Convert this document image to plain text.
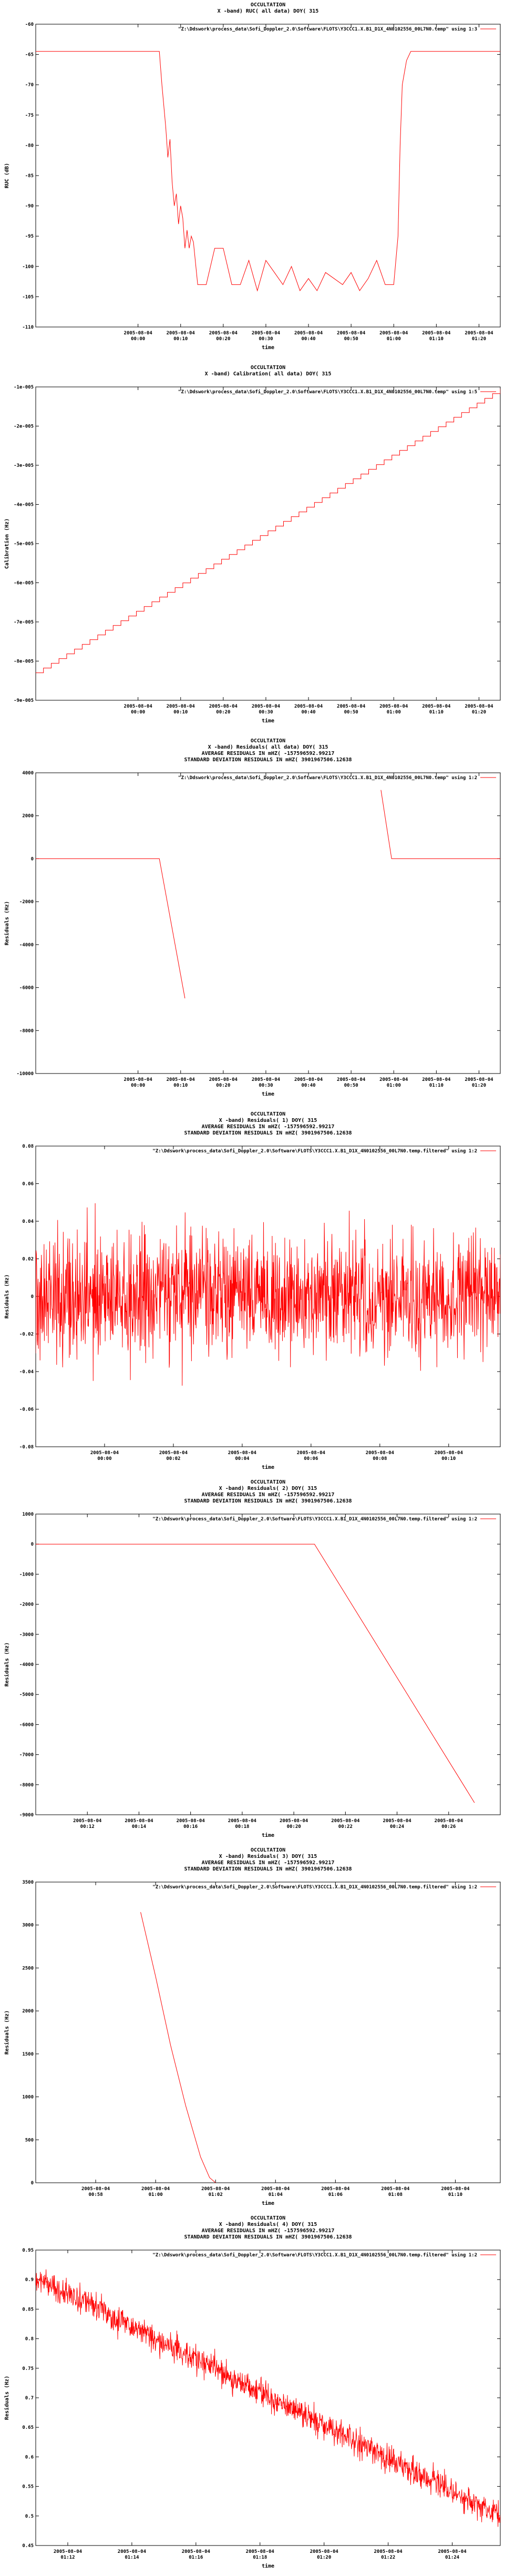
OCCULTATION
X -band) RUC( all data) DOY( 315
-60
-65
-70
-75
-80
-85
-90
-95
-100
-105
-110
2005-08-04 00:00
2005-08-04 00:10
2005-08-04 00:20
2005-08-04 00:30
2005-08-04 00:40
2005-08-04 00:50
2005-08-04 01:00
2005-08-04 01:10
2005-08-04 01:20
time
RUC (dB)
"Z:\Ddswork\process_data\Sofi_Doppler_2.0\Software\FLOTS\Y3CCC1.X.B1_D1X_4N0102556_00L7N0.temp" using 1:3
OCCULTATION
X -band) Calibration( all data) DOY( 315
-1e-005
-2e-005
-3e-005
-4e-005
-5e-005
-6e-005
-7e-005
-8e-005
-9e-005
2005-08-04 00:00
2005-08-04 00:10
2005-08-04 00:20
2005-08-04 00:30
2005-08-04 00:40
2005-08-04 00:50
2005-08-04 01:00
2005-08-04 01:10
2005-08-04 01:20
time
Calibration (Hz)
"Z:\Ddswork\process_data\Sofi_Doppler_2.0\Software\FLOTS\Y3CCC1.X.B1_D1X_4N0102556_00L7N0.temp" using 1:5
OCCULTATION
X -band) Residuals( all data) DOY( 315
AVERAGE RESIDUALS IN mHZ( -157596592.99217
STANDARD DEVIATION RESIDUALS IN mHZ( 3901967506.12638
4000
2000
0
-2000
-4000
-6000
-8000
-10000
2005-08-04 00:00
2005-08-04 00:10
2005-08-04 00:20
2005-08-04 00:30
2005-08-04 00:40
2005-08-04 00:50
2005-08-04 01:00
2005-08-04 01:10
2005-08-04 01:20
time
Residuals (Hz)
"Z:\Ddswork\process_data\Sofi_Doppler_2.0\Software\FLOTS\Y3CCC1.X.B1_D1X_4N0102556_00L7N0.temp" using 1:2
OCCULTATION
X -band) Residuals( 1) DOY( 315
AVERAGE RESIDUALS IN mHZ( -157596592.99217
STANDARD DEVIATION RESIDUALS IN mHZ( 3901967506.12638
0.08
0.06
0.04
0.02
0
-0.02
-0.04
-0.06
-0.08
2005-08-04 00:00
2005-08-04 00:02
2005-08-04 00:04
2005-08-04 00:06
2005-08-04 00:08
2005-08-04 00:10
time
Residuals (Hz)
"Z:\Ddswork\process_data\Sofi_Doppler_2.0\Software\FLOTS\Y3CCC1.X.B1_D1X_4N0102556_00L7N0.temp.filtered" using 1:2
OCCULTATION
X -band) Residuals( 2) DOY( 315
AVERAGE RESIDUALS IN mHZ( -157596592.99217
STANDARD DEVIATION RESIDUALS IN mHZ( 3901967506.12638
1000
0
-1000
-2000
-3000
-4000
-5000
-6000
-7000
-8000
-9000
2005-08-04 00:12
2005-08-04 00:14
2005-08-04 00:16
2005-08-04 00:18
2005-08-04 00:20
2005-08-04 00:22
2005-08-04 00:24
2005-08-04 00:26
time
Residuals (Hz)
"Z:\Ddswork\process_data\Sofi_Doppler_2.0\Software\FLOTS\Y3CCC1.X.B1_D1X_4N0102556_00L7N0.temp.filtered" using 1:2
OCCULTATION
X -band) Residuals( 3) DOY( 315
AVERAGE RESIDUALS IN mHZ( -157596592.99217
STANDARD DEVIATION RESIDUALS IN mHZ( 3901967506.12638
3500
3000
2500
2000
1500
1000
500
0
2005-08-04 00:58
2005-08-04 01:00
2005-08-04 01:02
2005-08-04 01:04
2005-08-04 01:06
2005-08-04 01:08
2005-08-04 01:10
time
Residuals (Hz)
"Z:\Ddswork\process_data\Sofi_Doppler_2.0\Software\FLOTS\Y3CCC1.X.B1_D1X_4N0102556_00L7N0.temp.filtered" using 1:2
OCCULTATION
X -band) Residuals( 4) DOY( 315
AVERAGE RESIDUALS IN mHZ( -157596592.99217
STANDARD DEVIATION RESIDUALS IN mHZ( 3901967506.12638
0.95
0.9
0.85
0.8
0.75
0.7
0.65
0.6
0.55
0.5
0.45
2005-08-04 01:12
2005-08-04 01:14
2005-08-04 01:16
2005-08-04 01:18
2005-08-04 01:20
2005-08-04 01:22
2005-08-04 01:24
time
Residuals (Hz)
"Z:\Ddswork\process_data\Sofi_Doppler_2.0\Software\FLOTS\Y3CCC1.X.B1_D1X_4N0102556_00L7N0.temp.filtered" using 1:2
